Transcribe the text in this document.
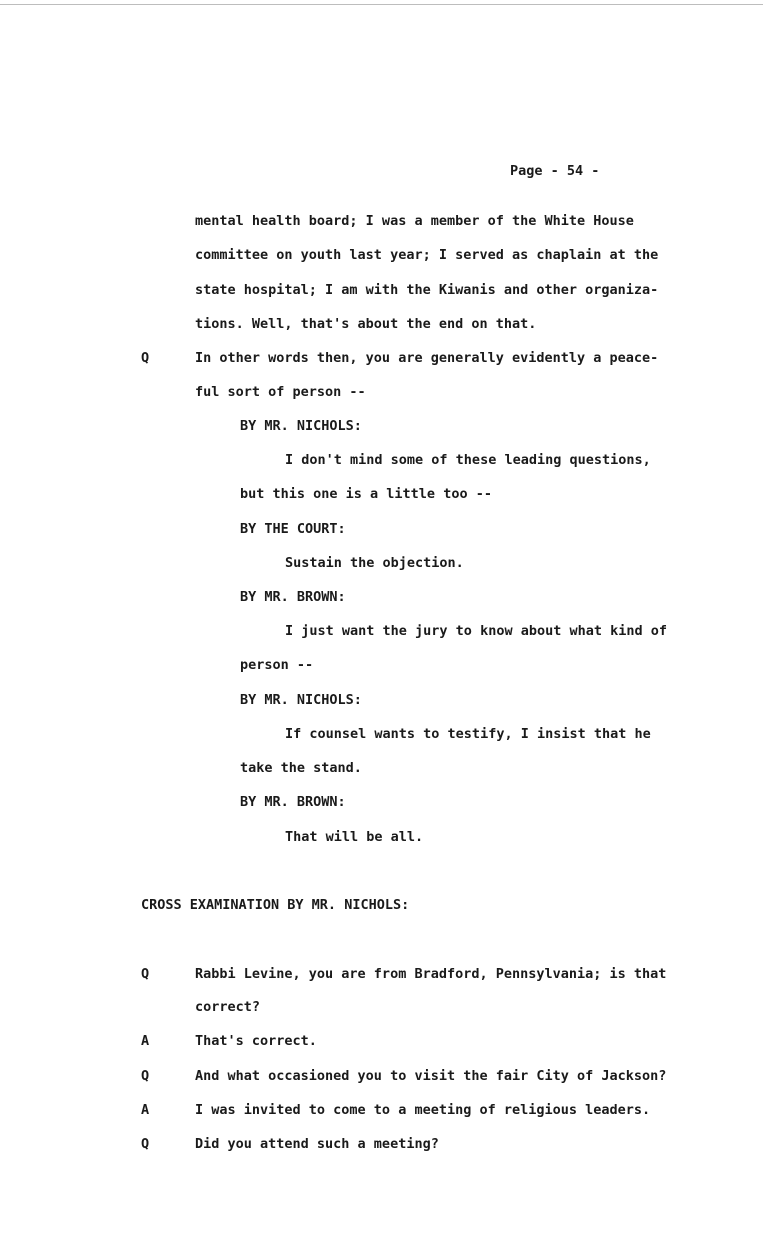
Page - 54 -
mental health board; I was a member of the White House
committee on youth last year; I served as chaplain at the
state hospital; I am with the Kiwanis and other organiza-
tions. Well, that's about the end on that.
Q	In other words then, you are generally evidently a peace-
ful sort of person --
BY MR. NICHOLS:
I don't mind some of these leading questions,
but this one is a little too --
BY THE COURT:
Sustain the objection.
BY MR. BROWN:
I just want the jury to know about what kind of
person --
BY MR. NICHOLS:
If counsel wants to testify, I insist that he
take the stand.
BY MR. BROWN:
That will be all.
CROSS EXAMINATION BY MR. NICHOLS:
Q	Rabbi Levine, you are from Bradford, Pennsylvania; is that
correct?
A	That's correct.
Q	And what occasioned you to visit the fair City of Jackson?
A	I was invited to come to a meeting of religious leaders.
Q	Did you attend such a meeting?
